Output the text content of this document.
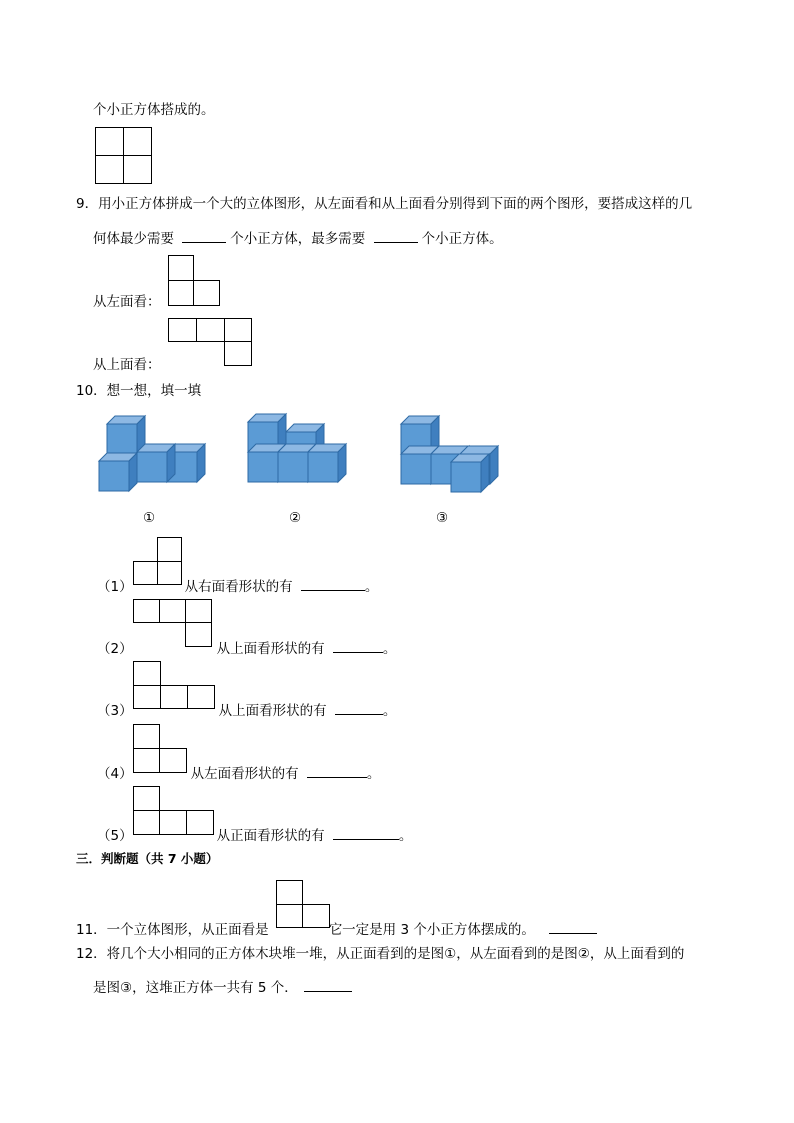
个小正方体搭成的。
9．用小正方体拼成一个大的立体图形，从左面看和从上面看分别得到下面的两个图形，要搭成这样的几
何体最少需要	个小正方体，最多需要	个小正方体。
从左面看：
从上面看：
10．想一想，填一填
①	②	③
（1）	从右面看形状的有	。
（2）	从上面看形状的有	。
（3）	从上面看形状的有	。
（4）	从左面看形状的有	。
（5）	从正面看形状的有	。
三．判断题（共 7 小题）
11．一个立体图形，从正面看是	它一定是用 3 个小正方体摆成的。
12．将几个大小相同的正方体木块堆一堆，从正面看到的是图①，从左面看到的是图②，从上面看到的
是图③，这堆正方体一共有 5 个．
